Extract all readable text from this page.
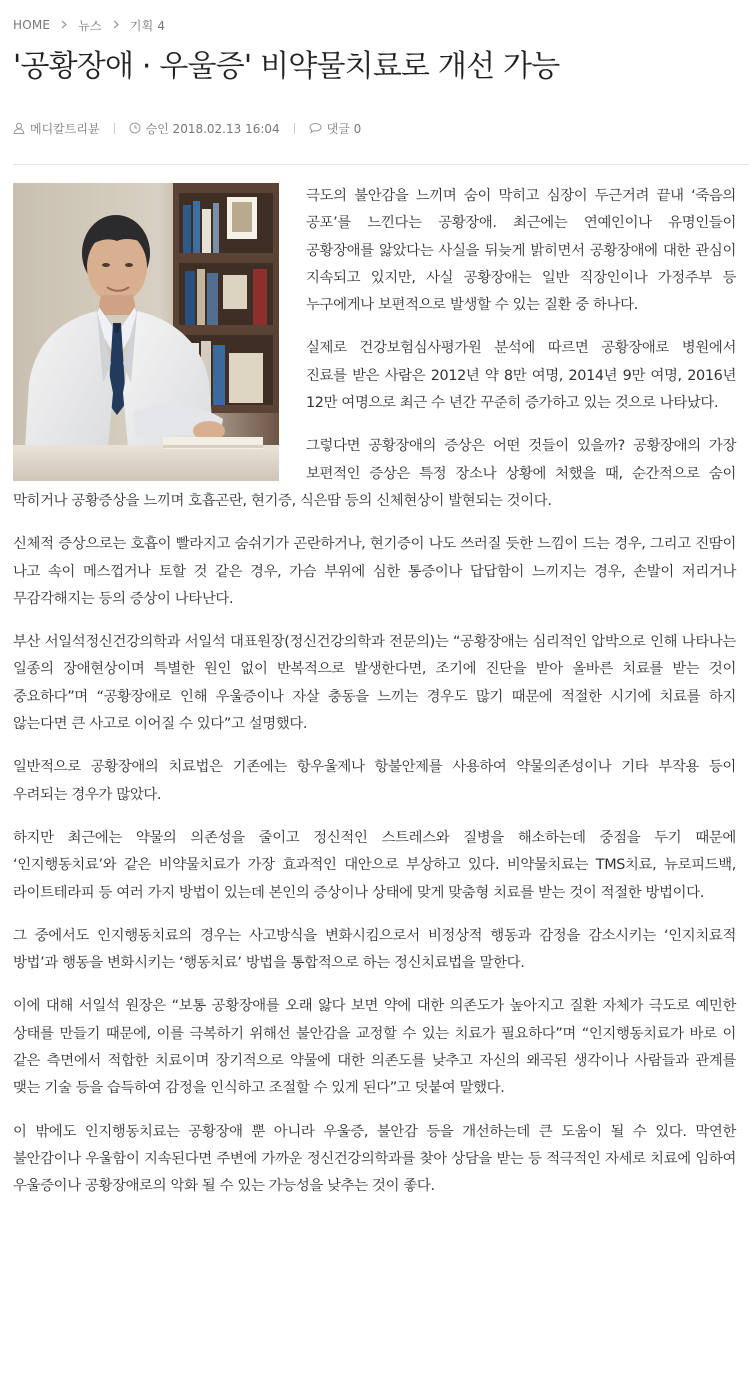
HOME 뉴스 기획 4
'공황장애 · 우울증' 비약물치료로 개선 가능
메디칼트리뷴	승인 2018.02.13 16:04	댓글 0

극도의 불안감을 느끼며 숨이 막히고 심장이 두근거려 끝내 ‘죽음의 공포’를 느낀다는 공황장애. 최근에는 연예인이나 유명인들이 공황장애를 앓았다는 사실을 뒤늦게 밝히면서 공황장애에 대한 관심이 지속되고 있지만, 사실 공황장애는 일반 직장인이나 가정주부 등 누구에게나 보편적으로 발생할 수 있는 질환 중 하나다.

실제로 건강보험심사평가원 분석에 따르면 공황장애로 병원에서 진료를 받은 사람은 2012년 약 8만 여명, 2014년 9만 여명, 2016년 12만 여명으로 최근 수 년간 꾸준히 증가하고 있는 것으로 나타났다.

그렇다면 공황장애의 증상은 어떤 것들이 있을까? 공황장애의 가장 보편적인 증상은 특정 장소나 상황에 처했을 때, 순간적으로 숨이 막히거나 공황증상을 느끼며 호흡곤란, 현기증, 식은땀 등의 신체현상이 발현되는 것이다.

신체적 증상으로는 호흡이 빨라지고 숨쉬기가 곤란하거나, 현기증이 나도 쓰러질 듯한 느낌이 드는 경우, 그리고 진땀이 나고 속이 메스껍거나 토할 것 같은 경우, 가슴 부위에 심한 통증이나 답답함이 느끼지는 경우, 손발이 저리거나 무감각해지는 등의 증상이 나타난다.

부산 서일석정신건강의학과 서일석 대표원장(정신건강의학과 전문의)는 “공황장애는 심리적인 압박으로 인해 나타나는 일종의 장애현상이며 특별한 원인 없이 반복적으로 발생한다면, 조기에 진단을 받아 올바른 치료를 받는 것이 중요하다”며 “공황장애로 인해 우울증이나 자살 충동을 느끼는 경우도 많기 때문에 적절한 시기에 치료를 하지 않는다면 큰 사고로 이어질 수 있다”고 설명했다.

일반적으로 공황장애의 치료법은 기존에는 항우울제나 항불안제를 사용하여 약물의존성이나 기타 부작용 등이 우려되는 경우가 많았다.

하지만 최근에는 약물의 의존성을 줄이고 정신적인 스트레스와 질병을 해소하는데 중점을 두기 때문에 ‘인지행동치료’와 같은 비약물치료가 가장 효과적인 대안으로 부상하고 있다. 비약물치료는 TMS치료, 뉴로피드백, 라이트테라피 등 여러 가지 방법이 있는데 본인의 증상이나 상태에 맞게 맞춤형 치료를 받는 것이 적절한 방법이다.

그 중에서도 인지행동치료의 경우는 사고방식을 변화시킴으로서 비정상적 행동과 감정을 감소시키는 ‘인지치료적 방법’과 행동을 변화시키는 ‘행동치료’ 방법을 통합적으로 하는 정신치료법을 말한다.

이에 대해 서일석 원장은 “보통 공황장애를 오래 앓다 보면 약에 대한 의존도가 높아지고 질환 자체가 극도로 예민한 상태를 만들기 때문에, 이를 극복하기 위해선 불안감을 교정할 수 있는 치료가 필요하다”며 “인지행동치료가 바로 이 같은 측면에서 적합한 치료이며 장기적으로 약물에 대한 의존도를 낮추고 자신의 왜곡된 생각이나 사람들과 관계를 맺는 기술 등을 습득하여 감정을 인식하고 조절할 수 있게 된다”고 덧붙여 말했다.

이 밖에도 인지행동치료는 공황장애 뿐 아니라 우울증, 불안감 등을 개선하는데 큰 도움이 될 수 있다. 막연한 불안감이나 우울함이 지속된다면 주변에 가까운 정신건강의학과를 찾아 상담을 받는 등 적극적인 자세로 치료에 임하여 우울증이나 공황장애로의 악화 될 수 있는 가능성을 낮추는 것이 좋다.
